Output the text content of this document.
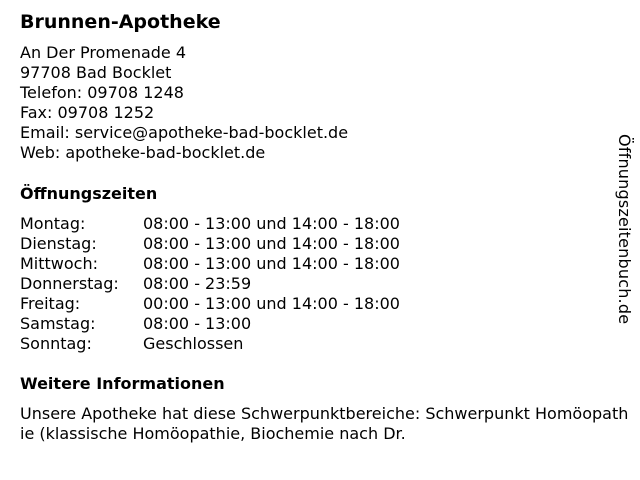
Brunnen-Apotheke
An Der Promenade 4
97708 Bad Bocklet
Telefon: 09708 1248
Fax: 09708 1252
Email: service@apotheke-bad-bocklet.de
Web: apotheke-bad-bocklet.de
Öffnungszeiten
Montag:	08:00 - 13:00 und 14:00 - 18:00
Dienstag:	08:00 - 13:00 und 14:00 - 18:00
Mittwoch:	08:00 - 13:00 und 14:00 - 18:00
Donnerstag: 08:00 - 23:59
Freitag:	00:00 - 13:00 und 14:00 - 18:00
Samstag:	08:00 - 13:00
Sonntag:	Geschlossen
Weitere Informationen
Unsere Apotheke hat diese Schwerpunktbereiche: Schwerpunkt Homöopathie (klassische Homöopathie, Biochemie nach Dr.
Öffnungszeitenbuch.de
